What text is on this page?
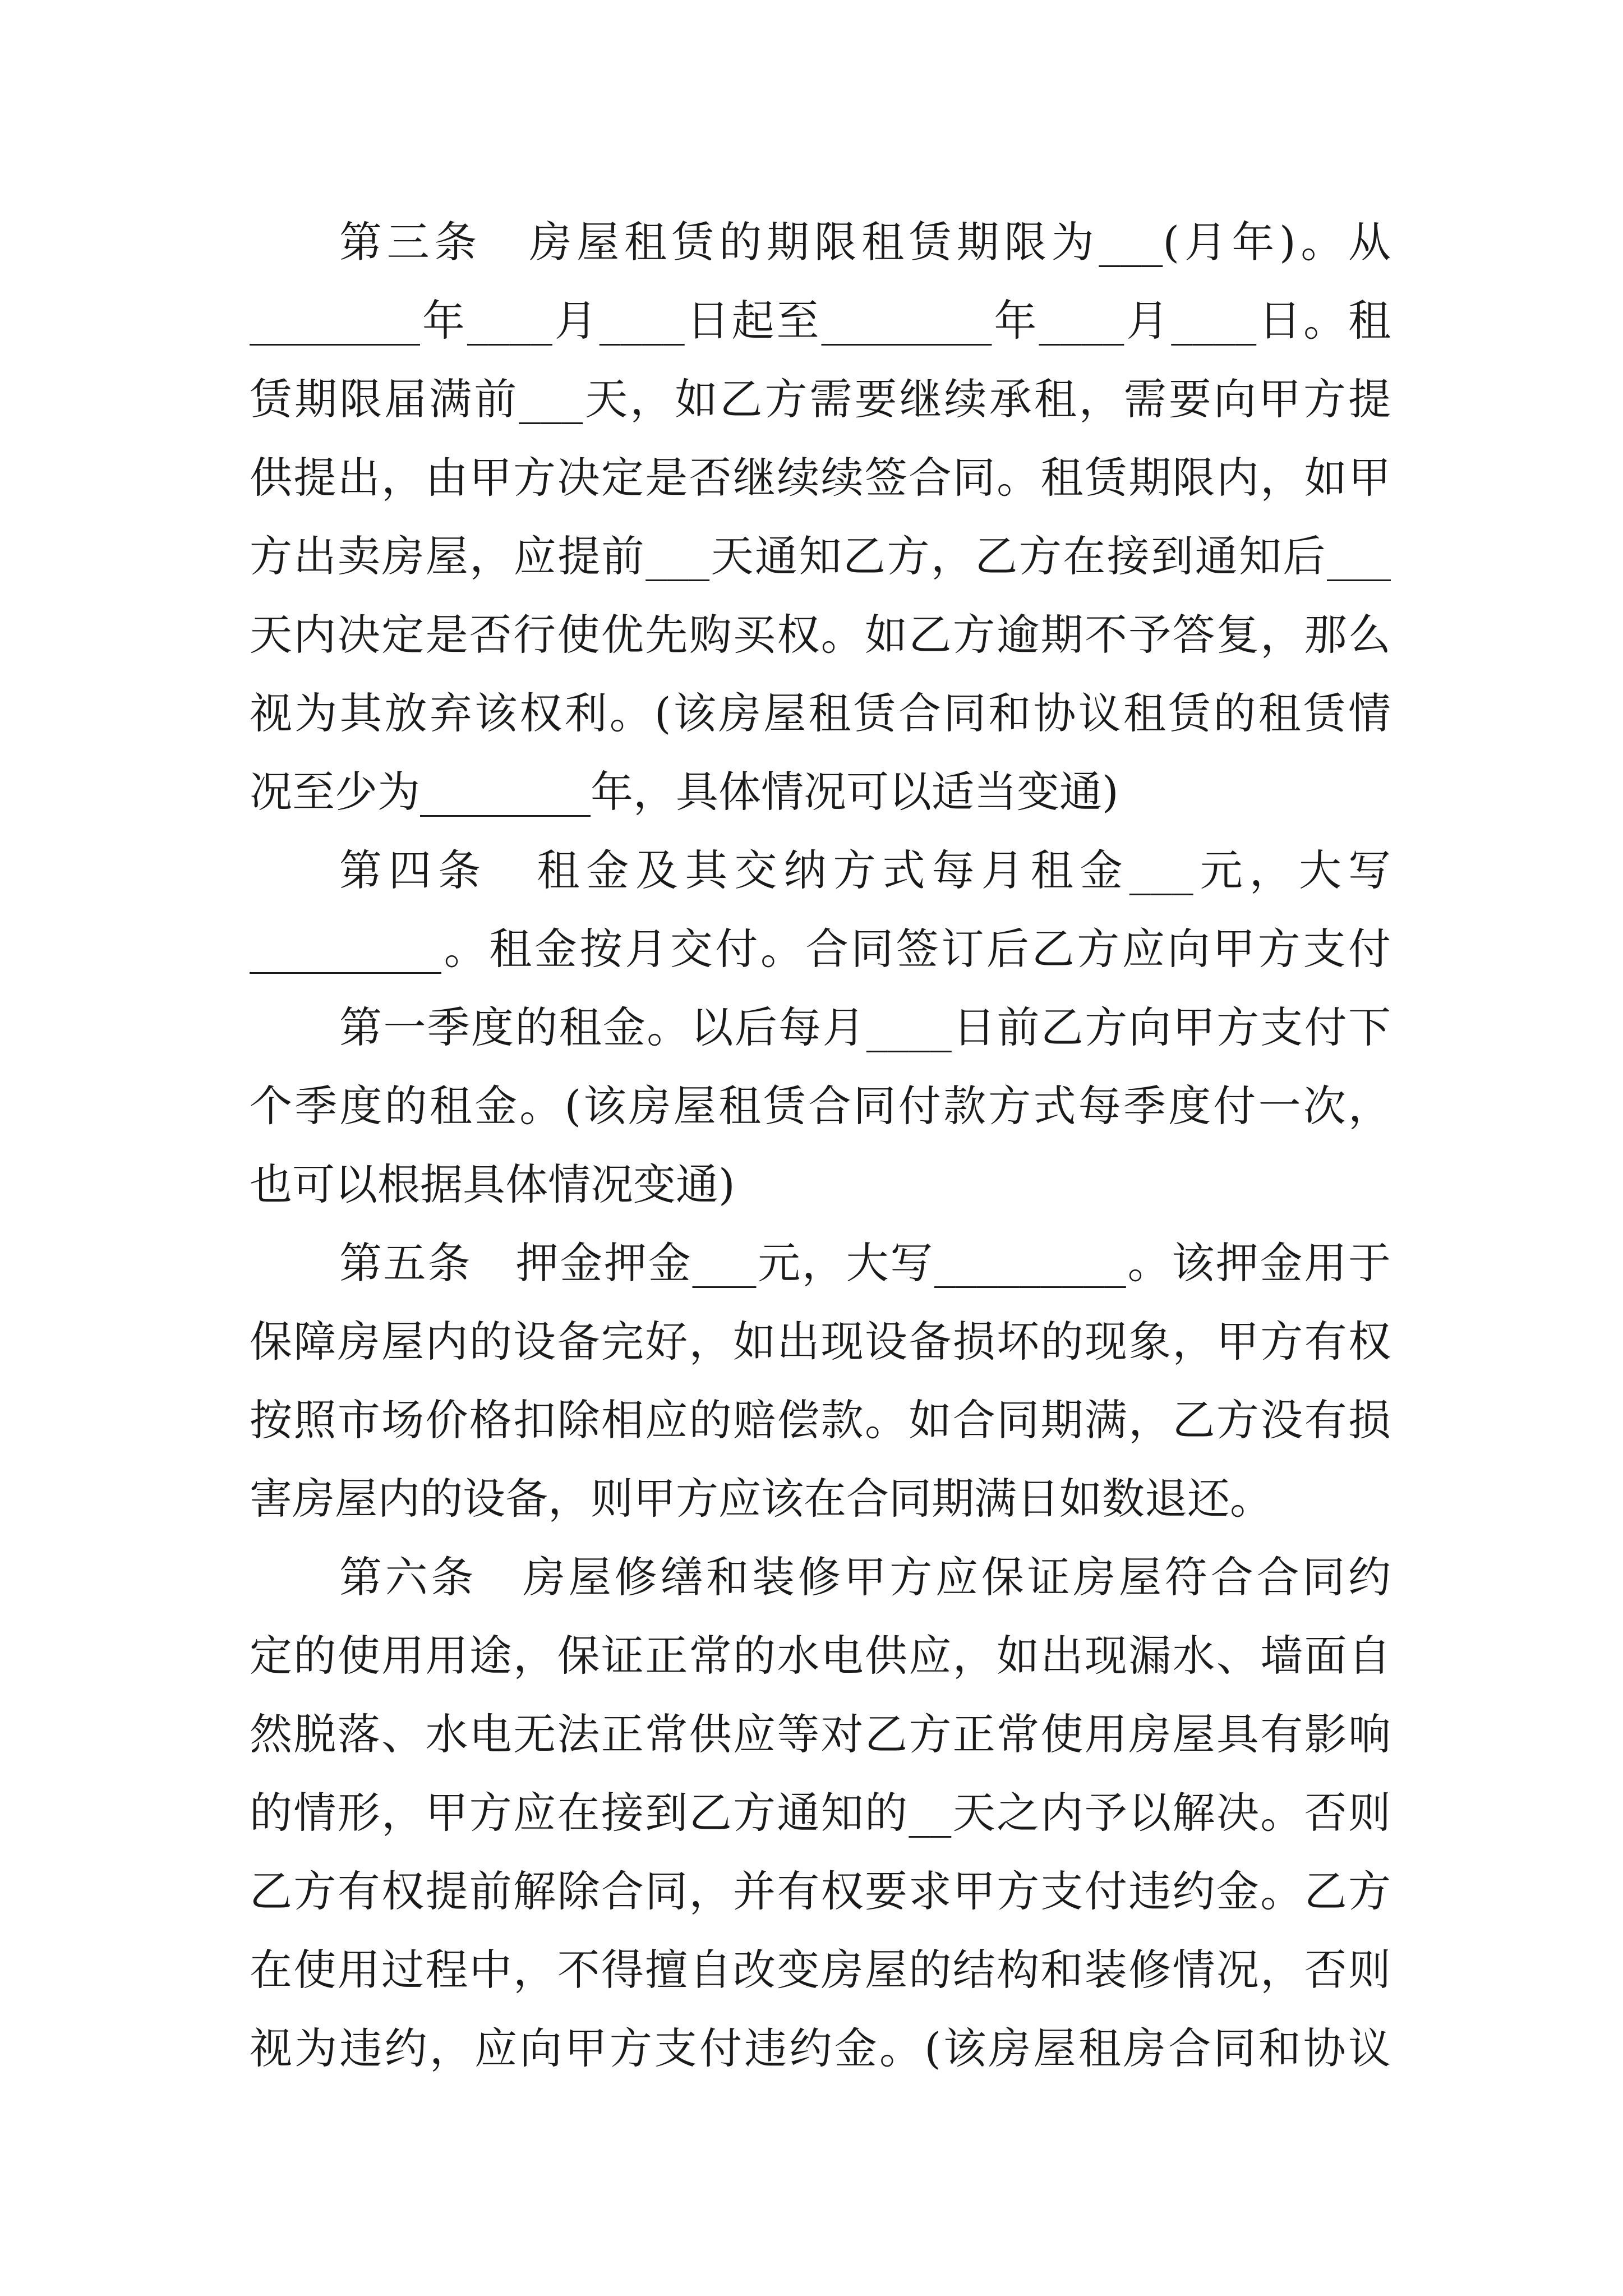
第三条　房屋租赁的期限租赁期限为___(月年)。从
________年____月____日起至________年____月____日。租
赁期限届满前___天，如乙方需要继续承租，需要向甲方提
供提出，由甲方决定是否继续续签合同。租赁期限内，如甲
方出卖房屋，应提前___天通知乙方，乙方在接到通知后___
天内决定是否行使优先购买权。如乙方逾期不予答复，那么
视为其放弃该权利。(该房屋租赁合同和协议租赁的租赁情
况至少为________年，具体情况可以适当变通)
第四条　租金及其交纳方式每月租金___元，大写
_________。租金按月交付。合同签订后乙方应向甲方支付
第一季度的租金。以后每月____日前乙方向甲方支付下
个季度的租金。(该房屋租赁合同付款方式每季度付一次，
也可以根据具体情况变通)
第五条　押金押金___元，大写_________。该押金用于
保障房屋内的设备完好，如出现设备损坏的现象，甲方有权
按照市场价格扣除相应的赔偿款。如合同期满，乙方没有损
害房屋内的设备，则甲方应该在合同期满日如数退还。
第六条　房屋修缮和装修甲方应保证房屋符合合同约
定的使用用途，保证正常的水电供应，如出现漏水、墙面自
然脱落、水电无法正常供应等对乙方正常使用房屋具有影响
的情形，甲方应在接到乙方通知的__天之内予以解决。否则
乙方有权提前解除合同，并有权要求甲方支付违约金。乙方
在使用过程中，不得擅自改变房屋的结构和装修情况，否则
视为违约，应向甲方支付违约金。(该房屋租房合同和协议
